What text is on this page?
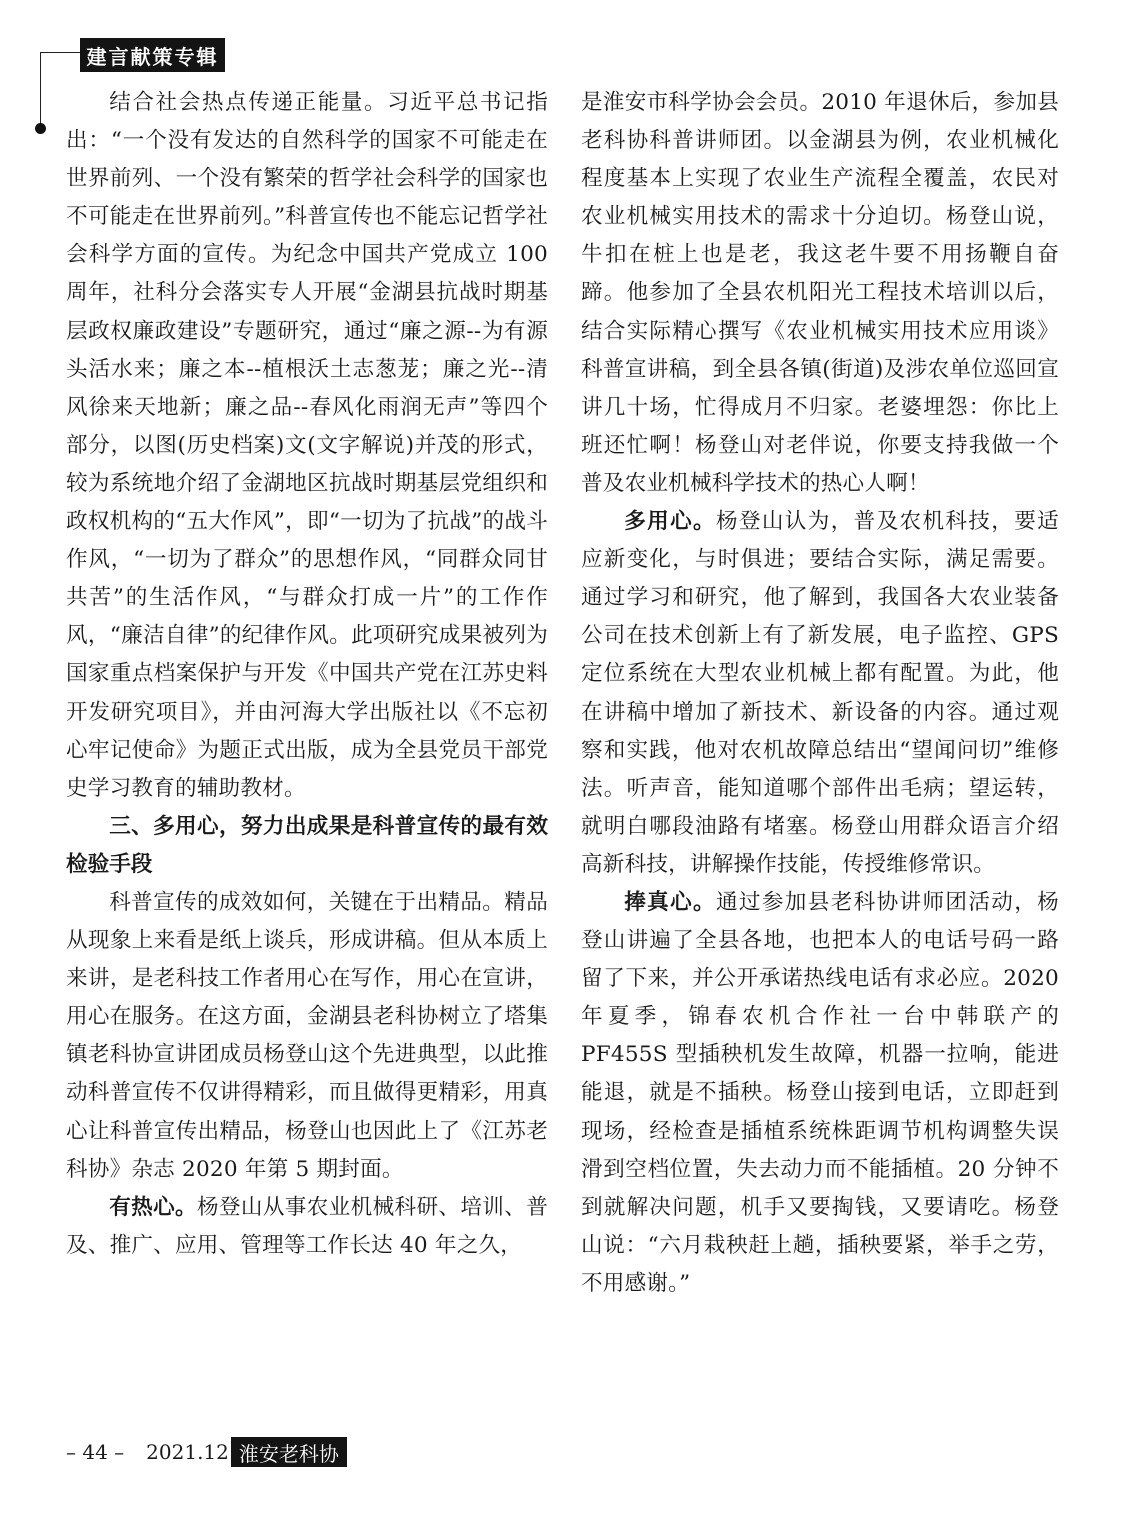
建言献策专辑

结合社会热点传递正能量。习近平总书记指出：“一个没有发达的自然科学的国家不可能走在世界前列、一个没有繁荣的哲学社会科学的国家也不可能走在世界前列。”科普宣传也不能忘记哲学社会科学方面的宣传。为纪念中国共产党成立 100 周年，社科分会落实专人开展“金湖县抗战时期基层政权廉政建设”专题研究，通过“廉之源--为有源头活水来；廉之本--植根沃土志葱茏；廉之光--清风徐来天地新；廉之品--春风化雨润无声”等四个部分，以图(历史档案)文(文字解说)并茂的形式，较为系统地介绍了金湖地区抗战时期基层党组织和政权机构的“五大作风”，即“一切为了抗战”的战斗作风，“一切为了群众”的思想作风，“同群众同甘共苦”的生活作风，“与群众打成一片”的工作作风，“廉洁自律”的纪律作风。此项研究成果被列为国家重点档案保护与开发《中国共产党在江苏史料开发研究项目》，并由河海大学出版社以《不忘初心牢记使命》为题正式出版，成为全县党员干部党史学习教育的辅助教材。

三、多用心，努力出成果是科普宣传的最有效检验手段

科普宣传的成效如何，关键在于出精品。精品从现象上来看是纸上谈兵，形成讲稿。但从本质上来讲，是老科技工作者用心在写作，用心在宣讲，用心在服务。在这方面，金湖县老科协树立了塔集镇老科协宣讲团成员杨登山这个先进典型，以此推动科普宣传不仅讲得精彩，而且做得更精彩，用真心让科普宣传出精品，杨登山也因此上了《江苏老科协》杂志 2020 年第 5 期封面。

有热心。杨登山从事农业机械科研、培训、普及、推广、应用、管理等工作长达 40 年之久，

是淮安市科学协会会员。2010 年退休后，参加县老科协科普讲师团。以金湖县为例，农业机械化程度基本上实现了农业生产流程全覆盖，农民对农业机械实用技术的需求十分迫切。杨登山说，牛扣在桩上也是老，我这老牛要不用扬鞭自奋蹄。他参加了全县农机阳光工程技术培训以后，结合实际精心撰写《农业机械实用技术应用谈》科普宣讲稿，到全县各镇(街道)及涉农单位巡回宣讲几十场，忙得成月不归家。老婆埋怨：你比上班还忙啊！杨登山对老伴说，你要支持我做一个普及农业机械科学技术的热心人啊！

多用心。杨登山认为，普及农机科技，要适应新变化，与时俱进；要结合实际，满足需要。通过学习和研究，他了解到，我国各大农业装备公司在技术创新上有了新发展，电子监控、GPS 定位系统在大型农业机械上都有配置。为此，他在讲稿中增加了新技术、新设备的内容。通过观察和实践，他对农机故障总结出“望闻问切”维修法。听声音，能知道哪个部件出毛病；望运转，就明白哪段油路有堵塞。杨登山用群众语言介绍高新科技，讲解操作技能，传授维修常识。

捧真心。通过参加县老科协讲师团活动，杨登山讲遍了全县各地，也把本人的电话号码一路留了下来，并公开承诺热线电话有求必应。2020 年夏季，锦春农机合作社一台中韩联产的 PF455S 型插秧机发生故障，机器一拉响，能进能退，就是不插秧。杨登山接到电话，立即赶到现场，经检查是插植系统株距调节机构调整失误滑到空档位置，失去动力而不能插植。20 分钟不到就解决问题，机手又要掏钱，又要请吃。杨登山说：“六月栽秧赶上趟，插秧要紧，举手之劳，不用感谢。”

– 44 – 2021.12 淮安老科协
